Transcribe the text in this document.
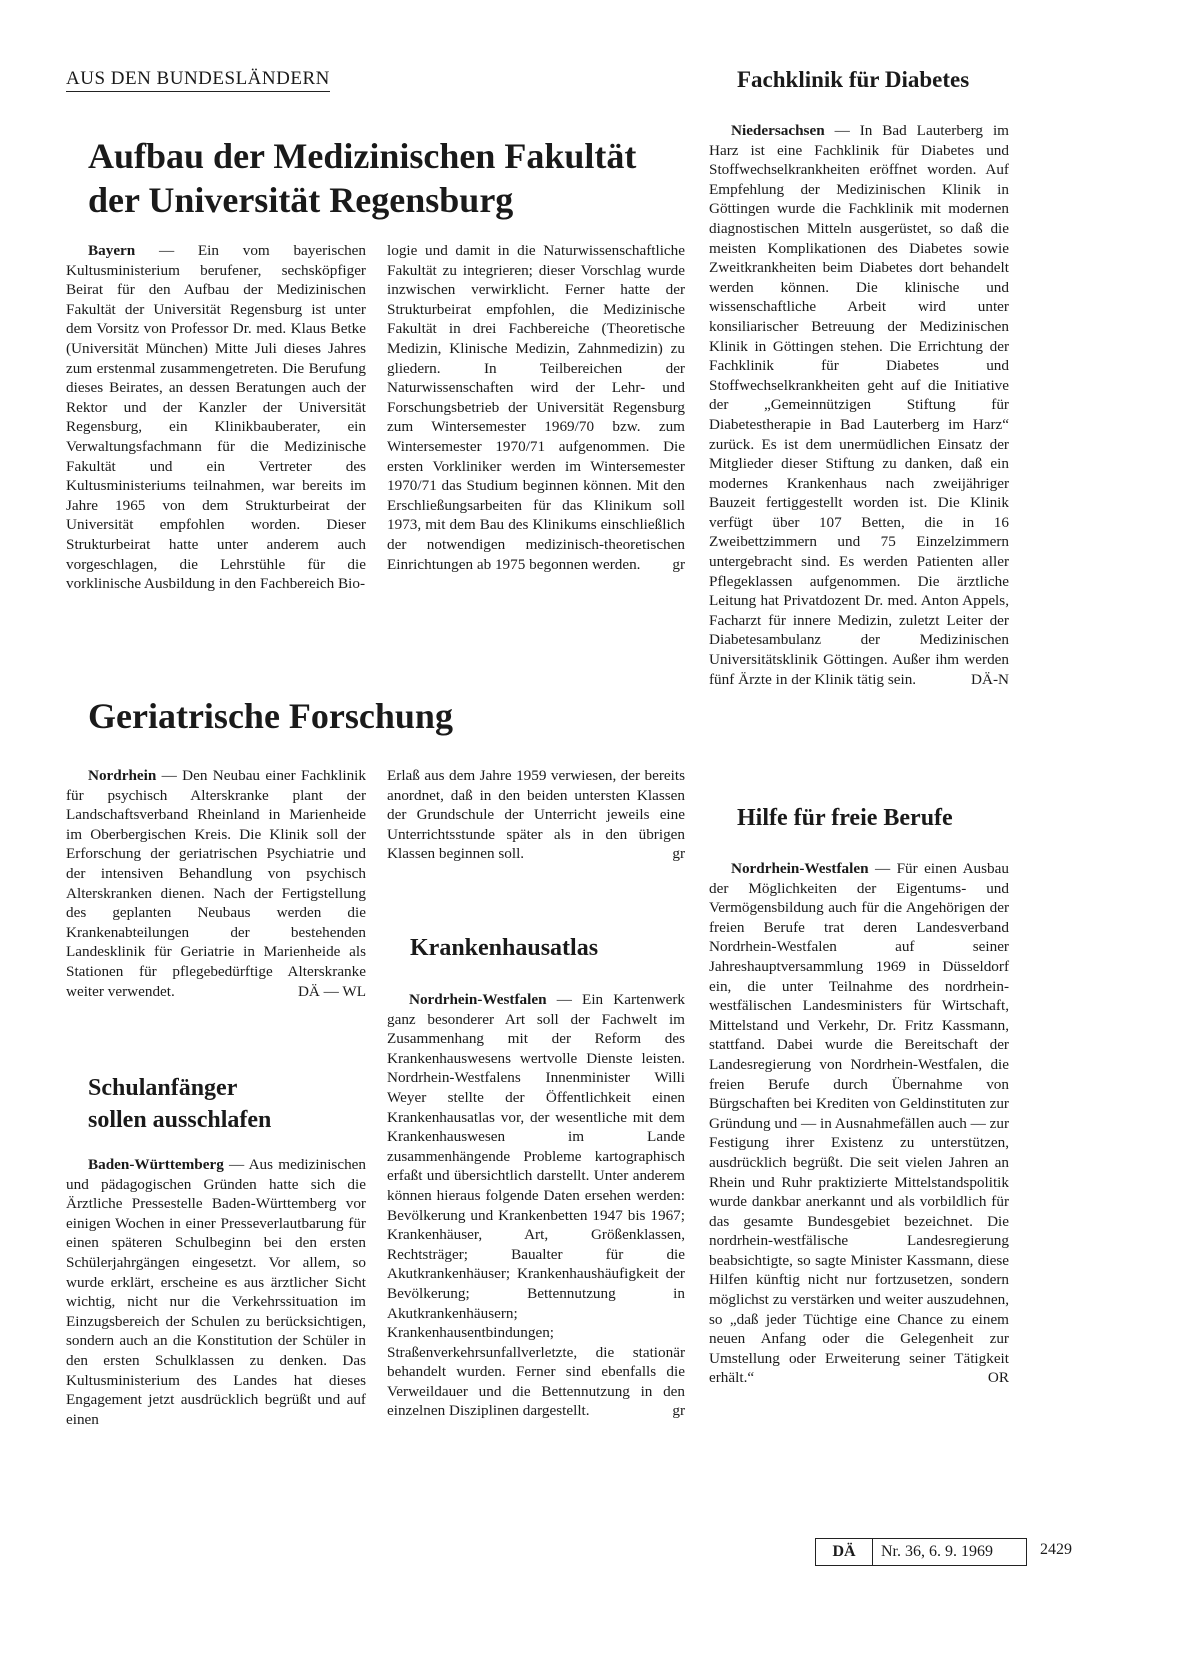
AUS DEN BUNDESLÄNDERN	Fachklinik für Diabetes
Aufbau der Medizinischen Fakultät
der Universität Regensburg

Bayern — Ein vom bayerischen Kultusministerium berufener, sechsköpfiger Beirat für den Aufbau der Medizinischen Fakultät der Universität Regensburg ist unter dem Vorsitz von Professor Dr. med. Klaus Betke (Universität München) Mitte Juli dieses Jahres zum erstenmal zusammengetreten. Die Berufung dieses Beirates, an dessen Beratungen auch der Rektor und der Kanzler der Universität Regensburg, ein Klinikbauberater, ein Verwaltungsfachmann für die Medizinische Fakultät und ein Vertreter des Kultusministeriums teilnahmen, war bereits im Jahre 1965 von dem Strukturbeirat der Universität empfohlen worden. Dieser Strukturbeirat hatte unter anderem auch vorgeschlagen, die Lehrstühle für die vorklinische Ausbildung in den Fachbereich Bio-

logie und damit in die Naturwissenschaftliche Fakultät zu integrieren; dieser Vorschlag wurde inzwischen verwirklicht. Ferner hatte der Strukturbeirat empfohlen, die Medizinische Fakultät in drei Fachbereiche (Theoretische Medizin, Klinische Medizin, Zahnmedizin) zu gliedern. In Teilbereichen der Naturwissenschaften wird der Lehr- und Forschungsbetrieb der Universität Regensburg zum Wintersemester 1969/70 bzw. zum Wintersemester 1970/71 aufgenommen. Die ersten Vorkliniker werden im Wintersemester 1970/71 das Studium beginnen können. Mit den Erschließungsarbeiten für das Klinikum soll 1973, mit dem Bau des Klinikums einschließlich der notwendigen medizinisch-theoretischen Einrichtungen ab 1975 begonnen werden. gr

Geriatrische Forschung

Nordrhein — Den Neubau einer Fachklinik für psychisch Alterskranke plant der Landschaftsverband Rheinland in Marienheide im Oberbergischen Kreis. Die Klinik soll der Erforschung der geriatrischen Psychiatrie und der intensiven Behandlung von psychisch Alterskranken dienen. Nach der Fertigstellung des geplanten Neubaus werden die Krankenabteilungen der bestehenden Landesklinik für Geriatrie in Marienheide als Stationen für pflegebedürftige Alterskranke weiter verwendet.	DÄ — WL

Schulanfänger
sollen ausschlafen

Baden-Württemberg — Aus medizinischen und pädagogischen Gründen hatte sich die Ärztliche Pressestelle Baden-Württemberg vor einigen Wochen in einer Presseverlautbarung für einen späteren Schulbeginn bei den ersten Schülerjahrgängen eingesetzt. Vor allem, so wurde erklärt, erscheine es aus ärztlicher Sicht wichtig, nicht nur die Verkehrssituation im Einzugsbereich der Schulen zu berücksichtigen, sondern auch an die Konstitution der Schüler in den ersten Schulklassen zu denken. Das Kultusministerium des Landes hat dieses Engagement jetzt ausdrücklich begrüßt und auf einen

Erlaß aus dem Jahre 1959 verwiesen, der bereits anordnet, daß in den beiden untersten Klassen der Grundschule der Unterricht jeweils eine Unterrichtsstunde später als in den übrigen Klassen beginnen soll.	gr

Krankenhausatlas

Nordrhein-Westfalen — Ein Kartenwerk ganz besonderer Art soll der Fachwelt im Zusammenhang mit der Reform des Krankenhauswesens wertvolle Dienste leisten. Nordrhein-Westfalens Innenminister Willi Weyer stellte der Öffentlichkeit einen Krankenhausatlas vor, der wesentliche mit dem Krankenhauswesen im Lande zusammenhängende Probleme kartographisch erfaßt und übersichtlich darstellt. Unter anderem können hieraus folgende Daten ersehen werden: Bevölkerung und Krankenbetten 1947 bis 1967; Krankenhäuser, Art, Größenklassen, Rechtsträger; Baualter für die Akutkrankenhäuser; Krankenhaushäufigkeit der Bevölkerung; Bettennutzung in Akutkrankenhäusern; Krankenhausentbindungen; Straßenverkehrsunfallverletzte, die stationär behandelt wurden. Ferner sind ebenfalls die Verweildauer und die Bettennutzung in den einzelnen Disziplinen dargestellt.	gr

Niedersachsen — In Bad Lauterberg im Harz ist eine Fachklinik für Diabetes und Stoffwechselkrankheiten eröffnet worden. Auf Empfehlung der Medizinischen Klinik in Göttingen wurde die Fachklinik mit modernen diagnostischen Mitteln ausgerüstet, so daß die meisten Komplikationen des Diabetes sowie Zweitkrankheiten beim Diabetes dort behandelt werden können. Die klinische und wissenschaftliche Arbeit wird unter konsiliarischer Betreuung der Medizinischen Klinik in Göttingen stehen. Die Errichtung der Fachklinik für Diabetes und Stoffwechselkrankheiten geht auf die Initiative der „Gemeinnützigen Stiftung für Diabetestherapie in Bad Lauterberg im Harz“ zurück. Es ist dem unermüdlichen Einsatz der Mitglieder dieser Stiftung zu danken, daß ein modernes Krankenhaus nach zweijähriger Bauzeit fertiggestellt worden ist. Die Klinik verfügt über 107 Betten, die in 16 Zweibettzimmern und 75 Einzelzimmern untergebracht sind. Es werden Patienten aller Pflegeklassen aufgenommen. Die ärztliche Leitung hat Privatdozent Dr. med. Anton Appels, Facharzt für innere Medizin, zuletzt Leiter der Diabetesambulanz der Medizinischen Universitätsklinik Göttingen. Außer ihm werden fünf Ärzte in der Klinik tätig sein.	DÄ-N

Hilfe für freie Berufe

Nordrhein-Westfalen — Für einen Ausbau der Möglichkeiten der Eigentums- und Vermögensbildung auch für die Angehörigen der freien Berufe trat deren Landesverband Nordrhein-Westfalen auf seiner Jahreshauptversammlung 1969 in Düsseldorf ein, die unter Teilnahme des nordrhein-westfälischen Landesministers für Wirtschaft, Mittelstand und Verkehr, Dr. Fritz Kassmann, stattfand. Dabei wurde die Bereitschaft der Landesregierung von Nordrhein-Westfalen, die freien Berufe durch Übernahme von Bürgschaften bei Krediten von Geldinstituten zur Gründung und — in Ausnahmefällen auch — zur Festigung ihrer Existenz zu unterstützen, ausdrücklich begrüßt. Die seit vielen Jahren an Rhein und Ruhr praktizierte Mittelstandspolitik wurde dankbar anerkannt und als vorbildlich für das gesamte Bundesgebiet bezeichnet. Die nordrhein-westfälische Landesregierung beabsichtigte, so sagte Minister Kassmann, diese Hilfen künftig nicht nur fortzusetzen, sondern möglichst zu verstärken und weiter auszudehnen, so „daß jeder Tüchtige eine Chance zu einem neuen Anfang oder die Gelegenheit zur Umstellung oder Erweiterung seiner Tätigkeit erhält.“	OR

DÄ Nr. 36, 6. 9. 1969	2429
